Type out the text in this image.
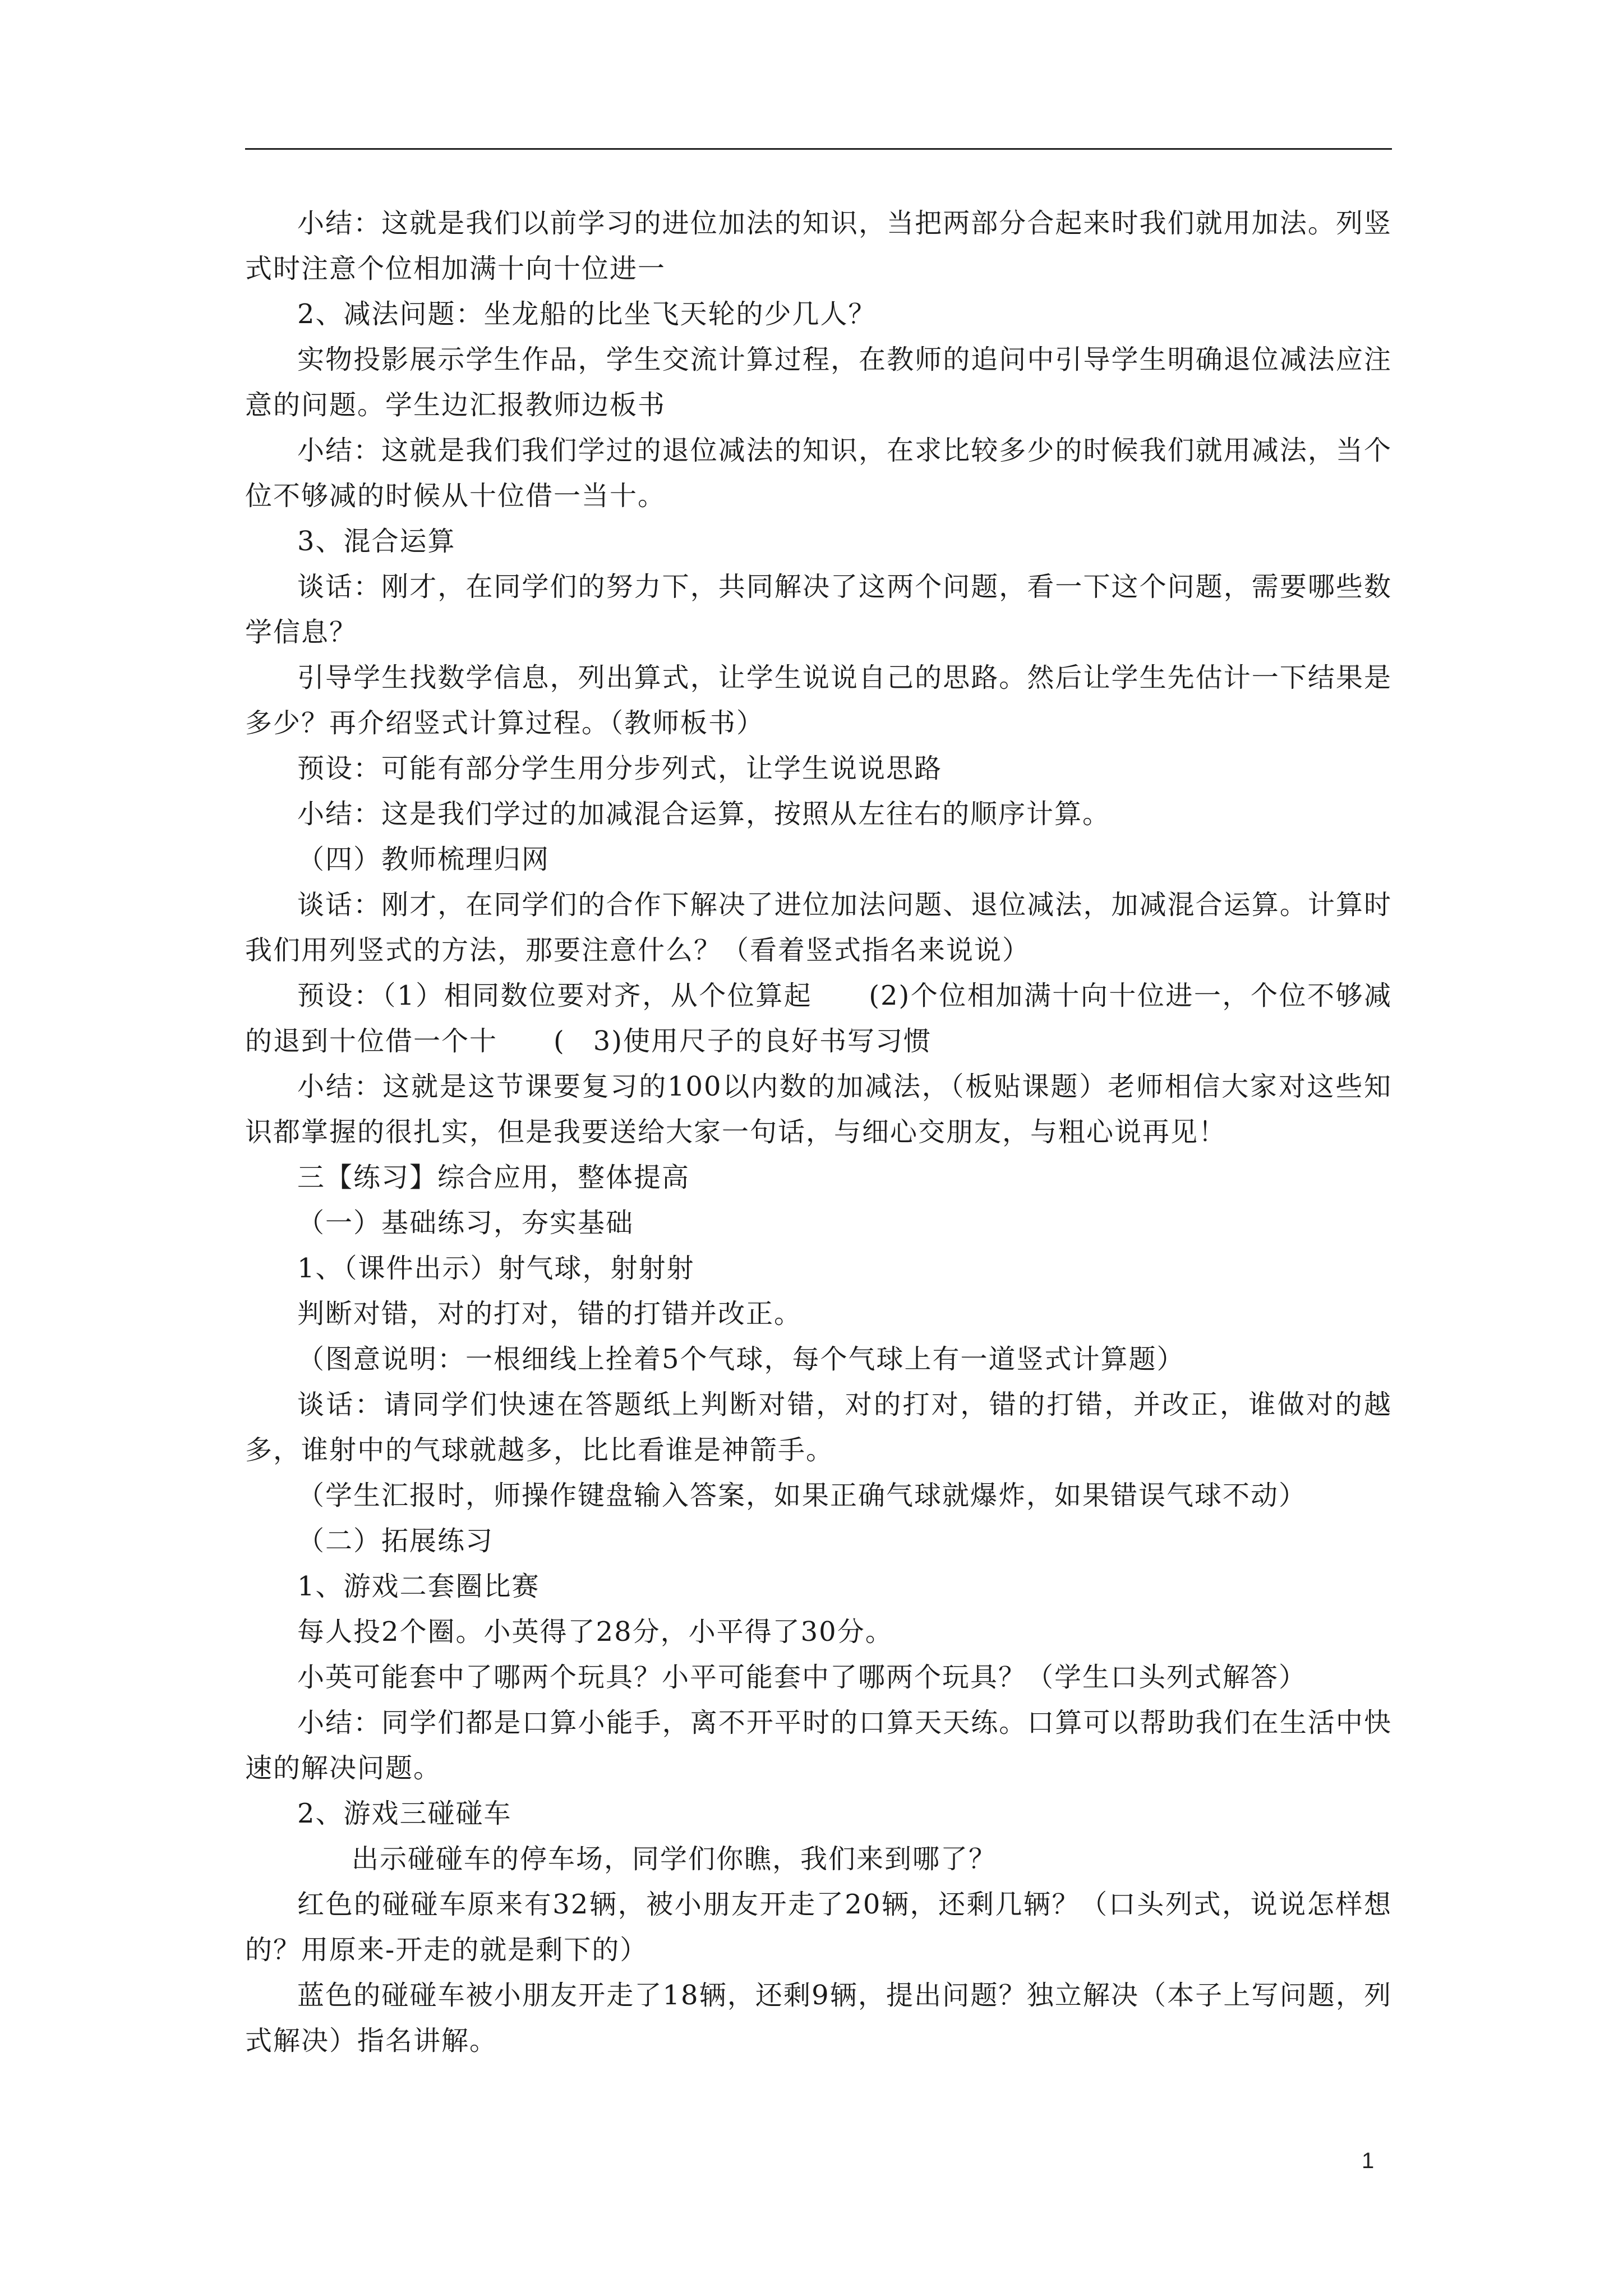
小结：这就是我们以前学习的进位加法的知识，当把两部分合起来时我们就用加法。列竖式时注意个位相加满十向十位进一

2、减法问题：坐龙船的比坐飞天轮的少几人？

实物投影展示学生作品，学生交流计算过程，在教师的追问中引导学生明确退位减法应注意的问题。学生边汇报教师边板书

小结：这就是我们我们学过的退位减法的知识，在求比较多少的时候我们就用减法，当个位不够减的时候从十位借一当十。

3、混合运算

谈话：刚才，在同学们的努力下，共同解决了这两个问题，看一下这个问题，需要哪些数学信息？

引导学生找数学信息，列出算式，让学生说说自己的思路。然后让学生先估计一下结果是多少？再介绍竖式计算过程。（教师板书）

预设：可能有部分学生用分步列式，让学生说说思路

小结：这是我们学过的加减混合运算，按照从左往右的顺序计算。

（四）教师梳理归网

谈话：刚才，在同学们的合作下解决了进位加法问题、退位减法，加减混合运算。计算时我们用列竖式的方法，那要注意什么？（看着竖式指名来说说）

预设：（1）相同数位要对齐，从个位算起　　(2)个位相加满十向十位进一，个位不够减的退到十位借一个十　　(　3)使用尺子的良好书写习惯

小结：这就是这节课要复习的100以内数的加减法，（板贴课题）老师相信大家对这些知识都掌握的很扎实，但是我要送给大家一句话，与细心交朋友，与粗心说再见！

三【练习】综合应用，整体提高

（一）基础练习，夯实基础

1、（课件出示）射气球，射射射

判断对错，对的打对，错的打错并改正。

（图意说明：一根细线上拴着5个气球，每个气球上有一道竖式计算题）

谈话：请同学们快速在答题纸上判断对错，对的打对，错的打错，并改正，谁做对的越多，谁射中的气球就越多，比比看谁是神箭手。

（学生汇报时，师操作键盘输入答案，如果正确气球就爆炸，如果错误气球不动）

（二）拓展练习

1、游戏二套圈比赛

每人投2个圈。小英得了28分，小平得了30分。

小英可能套中了哪两个玩具？小平可能套中了哪两个玩具？（学生口头列式解答）

小结：同学们都是口算小能手，离不开平时的口算天天练。口算可以帮助我们在生活中快速的解决问题。

2、游戏三碰碰车

出示碰碰车的停车场，同学们你瞧，我们来到哪了？

红色的碰碰车原来有32辆，被小朋友开走了20辆，还剩几辆？（口头列式，说说怎样想的？用原来-开走的就是剩下的）

蓝色的碰碰车被小朋友开走了18辆，还剩9辆，提出问题？独立解决（本子上写问题，列式解决）指名讲解。

1
